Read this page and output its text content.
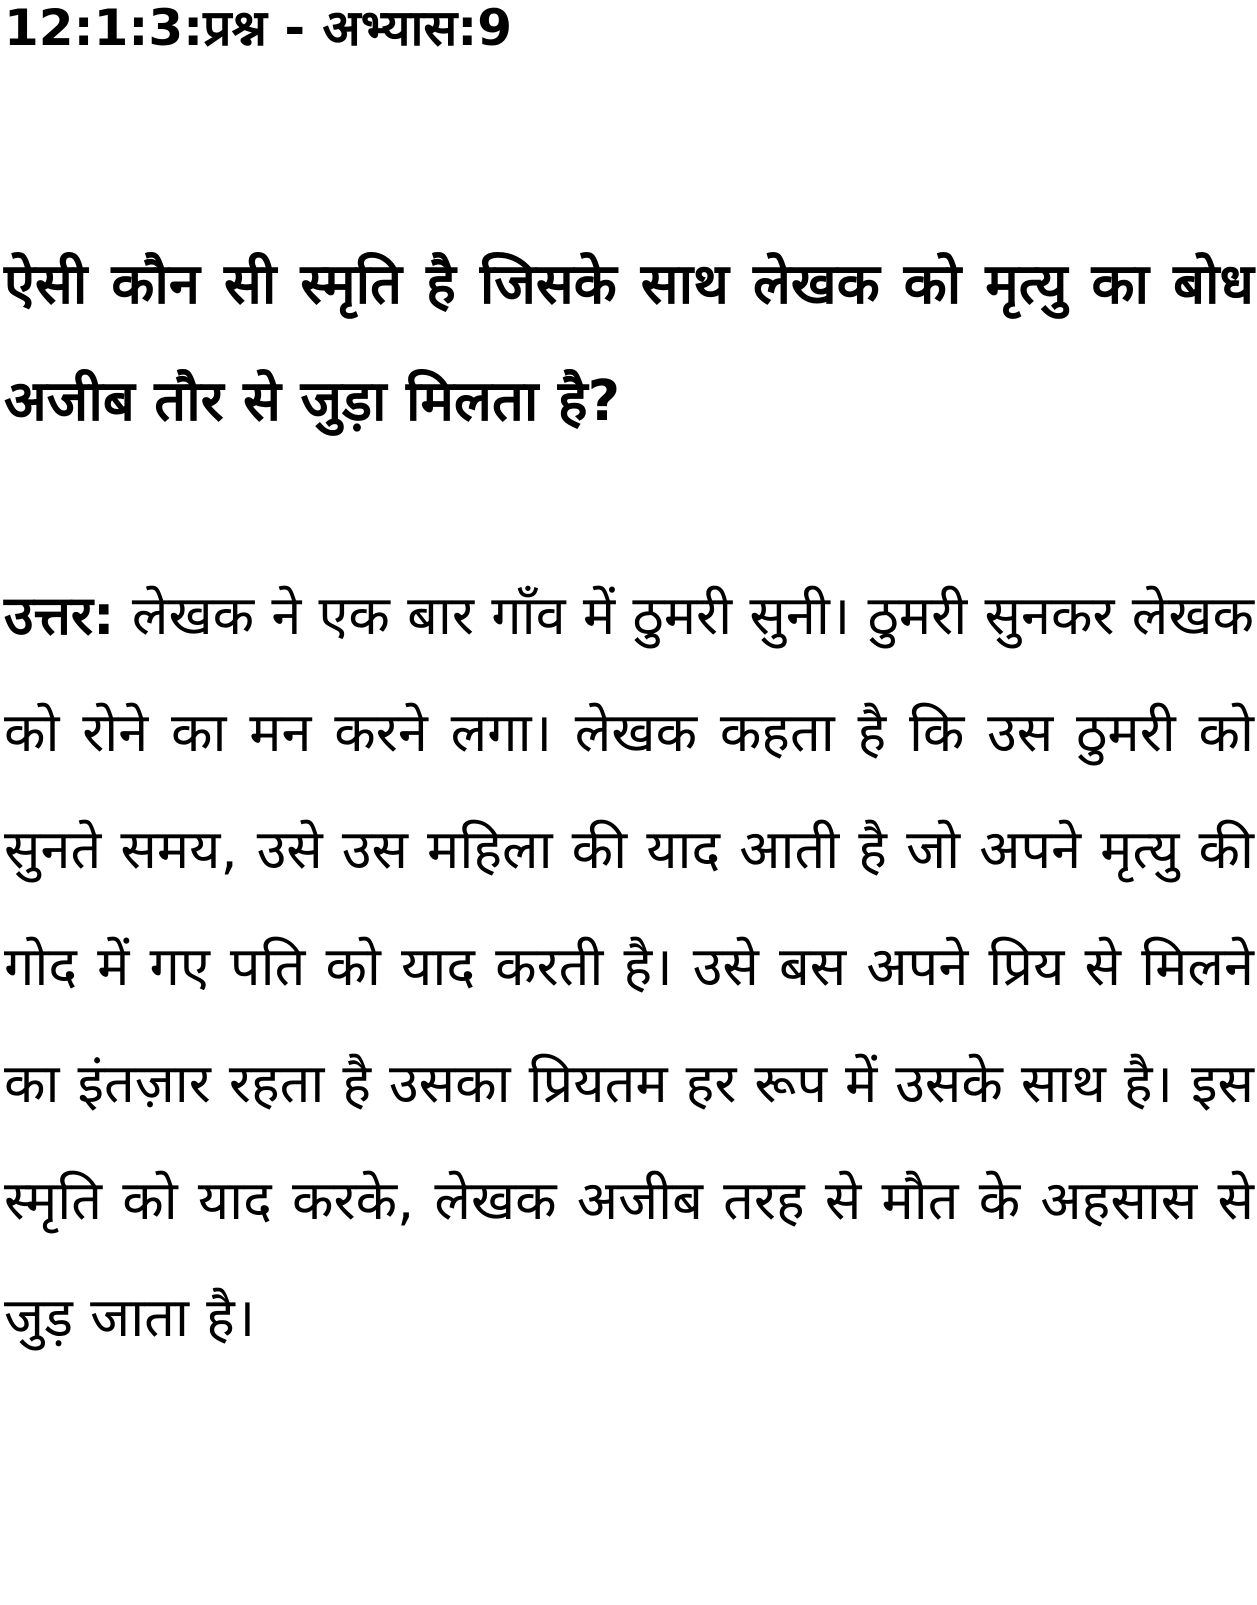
12:1:3:प्रश्न - अभ्यास:9
ऐसी कौन सी स्मृति है जिसके साथ लेखक को मृत्यु का बोध अजीब तौर से जुड़ा मिलता है?
उत्तर: लेखक ने एक बार गाँव में ठुमरी सुनी। ठुमरी सुनकर लेखक को रोने का मन करने लगा। लेखक कहता है कि उस ठुमरी को सुनते समय, उसे उस महिला की याद आती है जो अपने मृत्यु की गोद में गए पति को याद करती है। उसे बस अपने प्रिय से मिलने का इंतज़ार रहता है उसका प्रियतम हर रूप में उसके साथ है। इस स्मृति को याद करके, लेखक अजीब तरह से मौत के अहसास से जुड़ जाता है।
